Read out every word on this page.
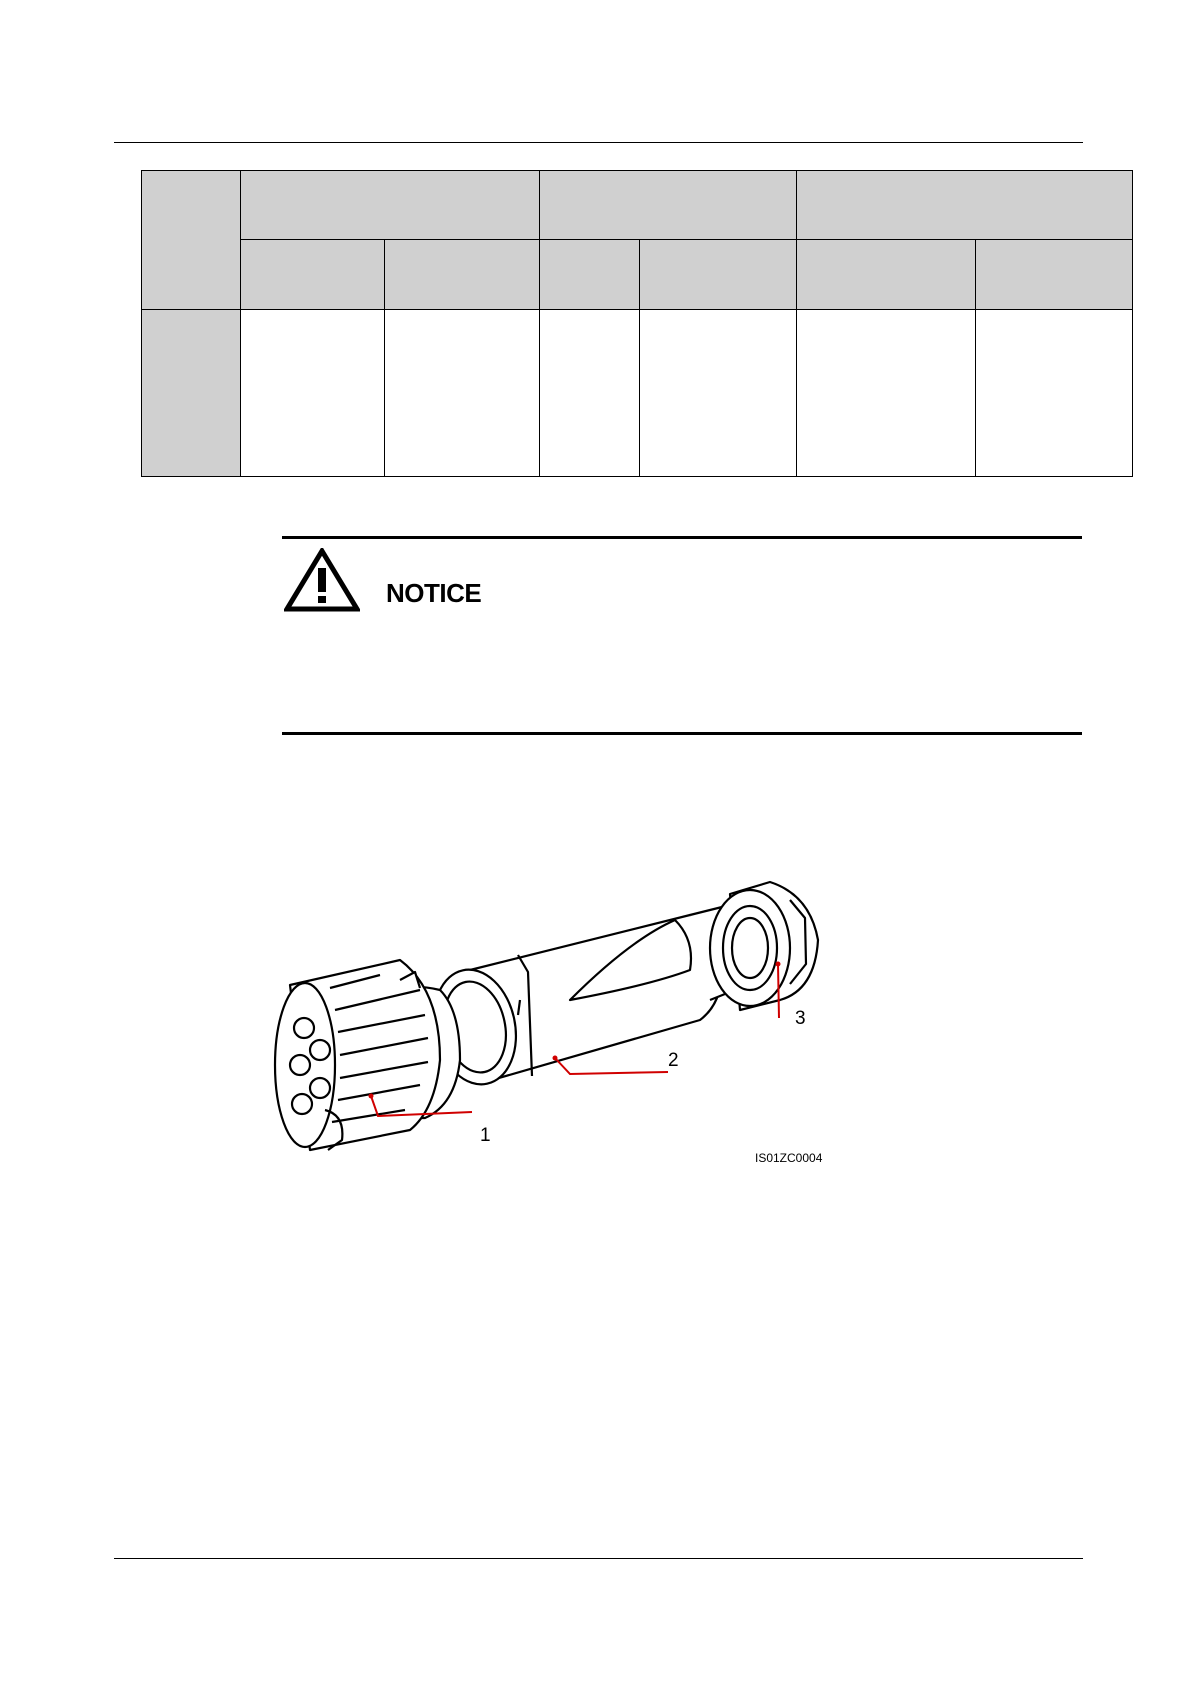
NOTICE
1
2
3
IS01ZC0004
